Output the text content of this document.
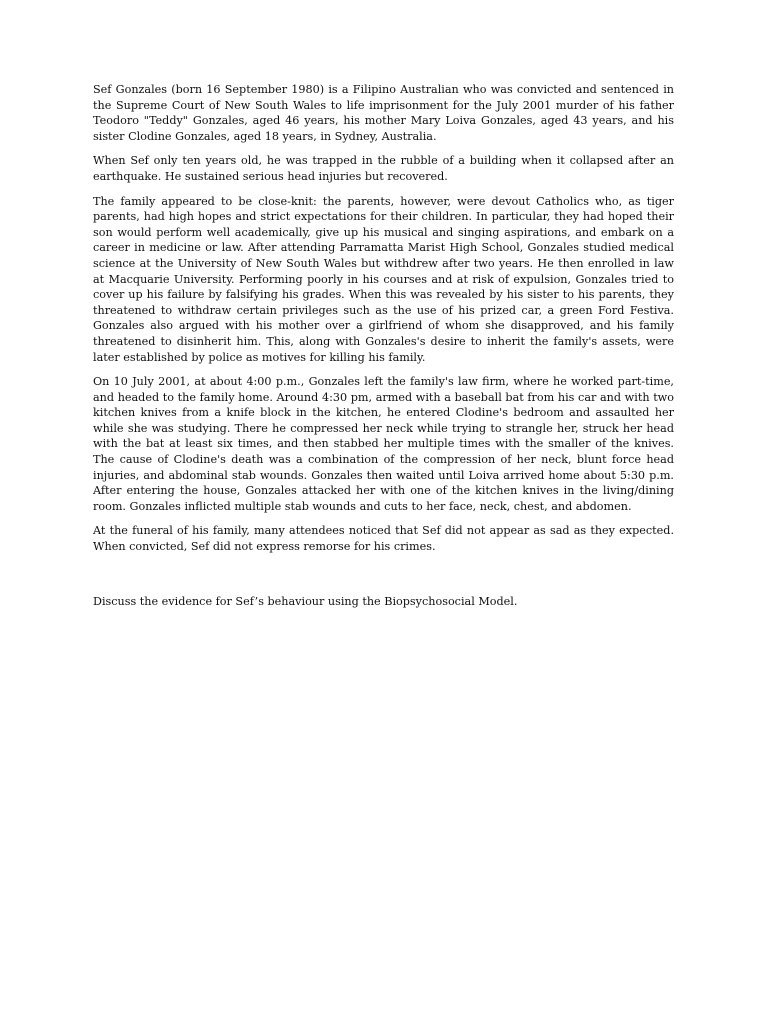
Sef Gonzales (born 16 September 1980) is a Filipino Australian who was convicted and sentenced in the Supreme Court of New South Wales to life imprisonment for the July 2001 murder of his father Teodoro "Teddy" Gonzales, aged 46 years, his mother Mary Loiva Gonzales, aged 43 years, and his sister Clodine Gonzales, aged 18 years, in Sydney, Australia.

When Sef only ten years old, he was trapped in the rubble of a building when it collapsed after an earthquake. He sustained serious head injuries but recovered.

The family appeared to be close-knit: the parents, however, were devout Catholics who, as tiger parents, had high hopes and strict expectations for their children. In particular, they had hoped their son would perform well academically, give up his musical and singing aspirations, and embark on a career in medicine or law. After attending Parramatta Marist High School, Gonzales studied medical science at the University of New South Wales but withdrew after two years. He then enrolled in law at Macquarie University. Performing poorly in his courses and at risk of expulsion, Gonzales tried to cover up his failure by falsifying his grades. When this was revealed by his sister to his parents, they threatened to withdraw certain privileges such as the use of his prized car, a green Ford Festiva. Gonzales also argued with his mother over a girlfriend of whom she disapproved, and his family threatened to disinherit him. This, along with Gonzales's desire to inherit the family's assets, were later established by police as motives for killing his family.

On 10 July 2001, at about 4:00 p.m., Gonzales left the family's law firm, where he worked part-time, and headed to the family home. Around 4:30 pm, armed with a baseball bat from his car and with two kitchen knives from a knife block in the kitchen, he entered Clodine's bedroom and assaulted her while she was studying. There he compressed her neck while trying to strangle her, struck her head with the bat at least six times, and then stabbed her multiple times with the smaller of the knives. The cause of Clodine's death was a combination of the compression of her neck, blunt force head injuries, and abdominal stab wounds. Gonzales then waited until Loiva arrived home about 5:30 p.m. After entering the house, Gonzales attacked her with one of the kitchen knives in the living/dining room. Gonzales inflicted multiple stab wounds and cuts to her face, neck, chest, and abdomen.

At the funeral of his family, many attendees noticed that Sef did not appear as sad as they expected. When convicted, Sef did not express remorse for his crimes.

Discuss the evidence for Sef’s behaviour using the Biopsychosocial Model.
